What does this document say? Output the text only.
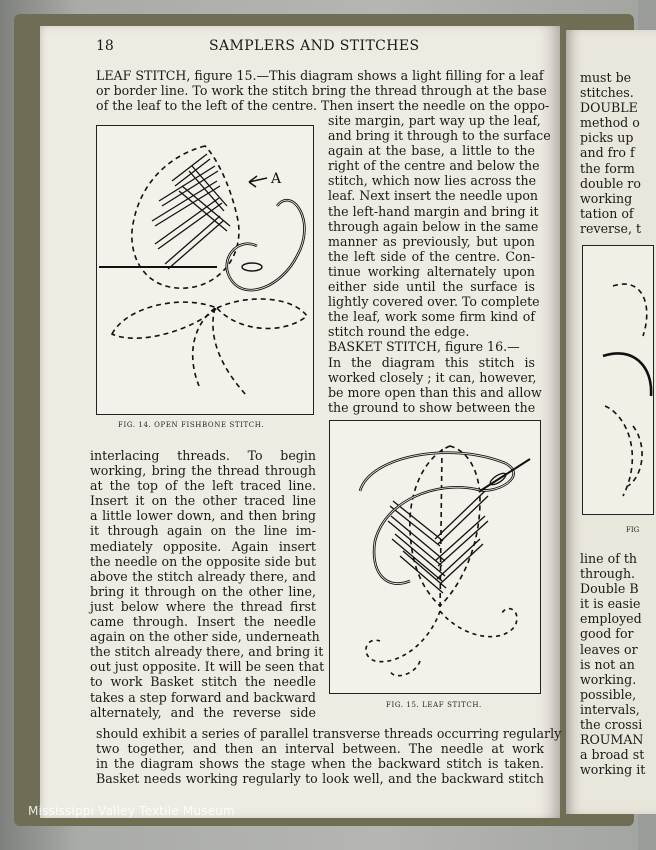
18	SAMPLERS AND STITCHES
LEAF STITCH, figure 15.—This diagram shows a light filling for a leaf
or border line. To work the stitch bring the thread through at the base
of the leaf to the left of the centre. Then insert the needle on the oppo-
site margin, part way up the leaf,
and bring it through to the surface
again at the base, a little to the
right of the centre and below the
stitch, which now lies across the
leaf. Next insert the needle upon
the left-hand margin and bring it
through again below in the same
manner as previously, but upon
the left side of the centre. Con-
tinue working alternately upon
either side until the surface is
lightly covered over. To complete
the leaf, work some firm kind of
stitch round the edge.
BASKET STITCH, figure 16.—
In the diagram this stitch is
worked closely ; it can, however,
be more open than this and allow
the ground to show between the
interlacing threads. To begin
working, bring the thread through
at the top of the left traced line.
Insert it on the other traced line
a little lower down, and then bring
it through again on the line im-
mediately opposite. Again insert
the needle on the opposite side but
above the stitch already there, and
bring it through on the other line,
just below where the thread first
came through. Insert the needle
again on the other side, underneath
the stitch already there, and bring it
out just opposite. It will be seen that
to work Basket stitch the needle
takes a step forward and backward
alternately, and the reverse side
should exhibit a series of parallel transverse threads occurring regularly
two together, and then an interval between. The needle at work
in the diagram shows the stage when the backward stitch is taken.
Basket needs working regularly to look well, and the backward stitch
A
FIG. 14. OPEN FISHBONE STITCH.
FIG. 15. LEAF STITCH.
must be
stitches.
DOUBLE
method o
picks up
and fro f
the form
double ro
working
tation of
reverse, t
FIG
line of th
through.
Double B
it is easie
employed
good for
leaves or
is not an
working.
possible,
intervals,
the crossi
ROUMAN
a broad st
working it
Mississippi Valley Textile Museum
